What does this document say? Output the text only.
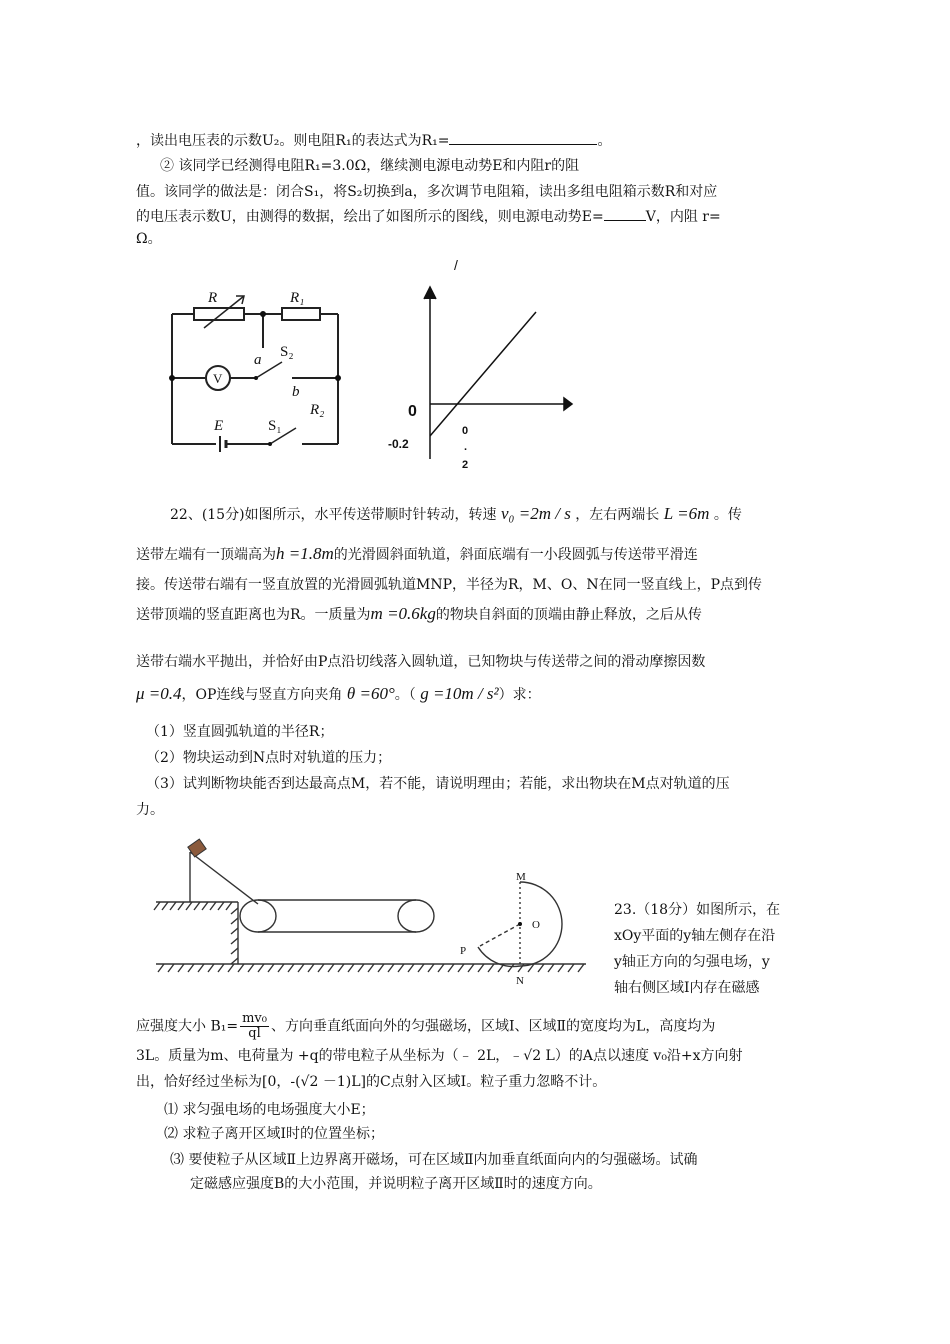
，读出电压表的示数U₂。则电阻R₁的表达式为R₁=	。
② 该同学已经测得电阻R₁=3.0Ω，继续测电源电动势E和内阻r的阻
值。该同学的做法是：闭合S₁，将S₂切换到a，多次调节电阻箱，读出多组电阻箱示数R和对应
的电压表示数U，由测得的数据，绘出了如图所示的图线，则电源电动势E=	V，内阻 r=
Ω。
R	R₁
a
b
R₂
E
S₂
S₁
V
/
0
-0.2
0
.
2
22、(15分)如图所示，水平传送带顺时针转动，转速 v₀ =2m / s ，左右两端长 L =6m 。传
送带左端有一顶端高为h =1.8m的光滑圆斜面轨道，斜面底端有一小段圆弧与传送带平滑连
接。传送带右端有一竖直放置的光滑圆弧轨道MNP，半径为R，M、O、N在同一竖直线上，P点到传
送带顶端的竖直距离也为R。一质量为m =0.6kg的物块自斜面的顶端由静止释放，之后从传
送带右端水平抛出，并恰好由P点沿切线落入圆轨道，已知物块与传送带之间的滑动摩擦因数
μ =0.4，OP连线与竖直方向夹角 θ =60°。（ g =10m / s²）求：
（1）竖直圆弧轨道的半径R；
（2）物块运动到N点时对轨道的压力；
（3）试判断物块能否到达最高点M，若不能，请说明理由；若能，求出物块在M点对轨道的压
力。
M
O
P
N
23.（18分）如图所示，在
xOy平面的y轴左侧存在沿
y轴正方向的匀强电场，y
轴右侧区域Ⅰ内存在磁感
应强度大小 $B_1= \frac{\text{mv₀}}{ql}$ 、方向垂直纸面向外的匀强磁场，区域Ⅰ、区域Ⅱ的宽度均为L，高度均为
3L。质量为m、电荷量为 +q的带电粒子从坐标为（﹣ 2L，﹣√2 L）的A点以速度 v₀沿+x方向射
出，恰好经过坐标为[0，-(√2 －1)L]的C点射入区域Ⅰ。粒子重力忽略不计。
⑴ 求匀强电场的电场强度大小E；
⑵ 求粒子离开区域Ⅰ时的位置坐标；
⑶ 要使粒子从区域Ⅱ上边界离开磁场，可在区域Ⅱ内加垂直纸面向内的匀强磁场。试确
定磁感应强度B的大小范围，并说明粒子离开区域Ⅱ时的速度方向。
